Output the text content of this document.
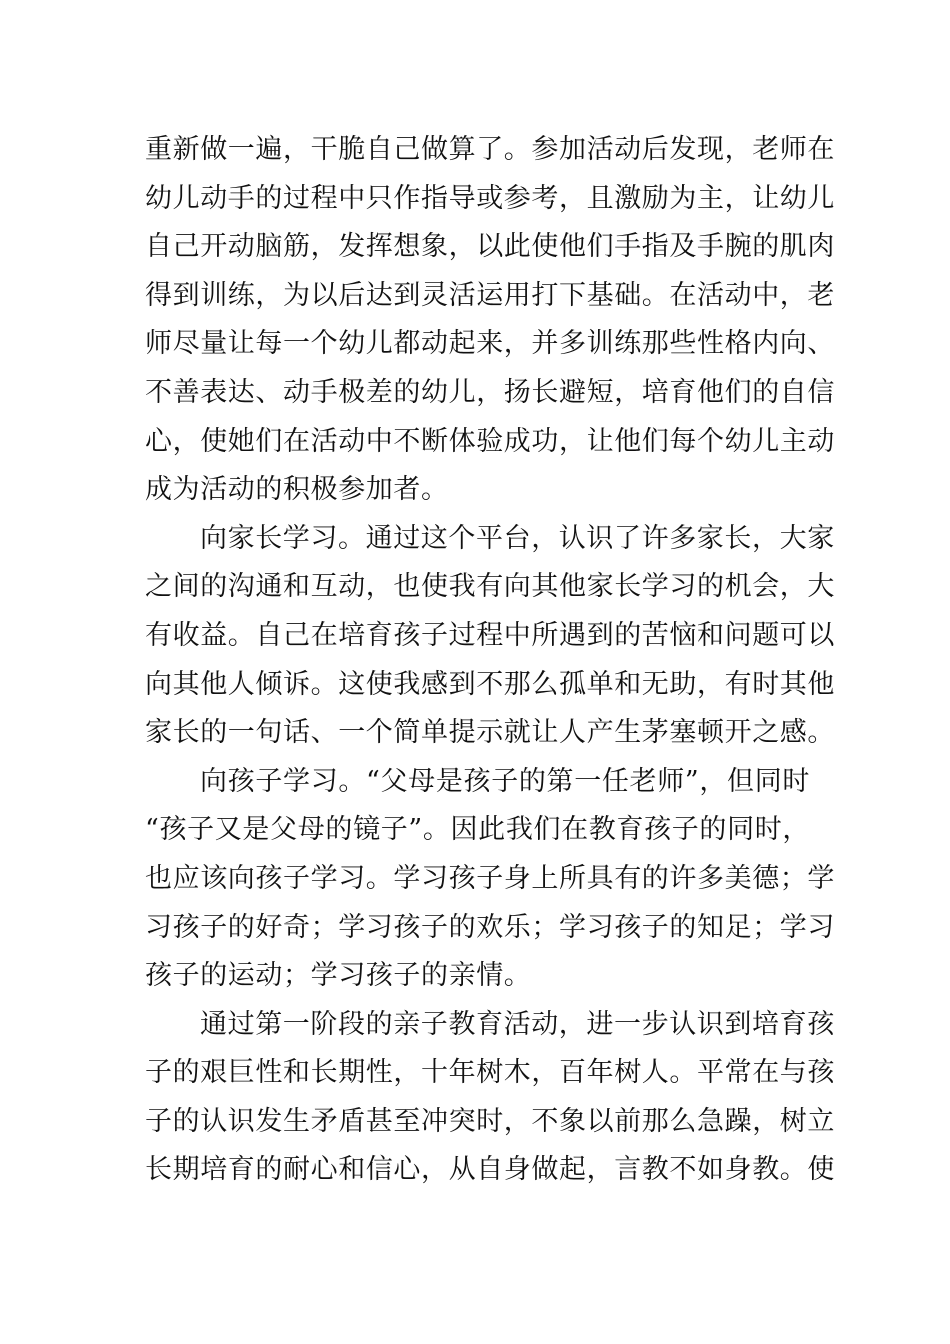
重新做一遍，干脆自己做算了。参加活动后发现，老师在
幼儿动手的过程中只作指导或参考，且激励为主，让幼儿
自己开动脑筋，发挥想象，以此使他们手指及手腕的肌肉
得到训练，为以后达到灵活运用打下基础。在活动中，老
师尽量让每一个幼儿都动起来，并多训练那些性格内向、
不善表达、动手极差的幼儿，扬长避短，培育他们的自信
心，使她们在活动中不断体验成功，让他们每个幼儿主动
成为活动的积极参加者。
向家长学习。通过这个平台，认识了许多家长，大家
之间的沟通和互动，也使我有向其他家长学习的机会，大
有收益。自己在培育孩子过程中所遇到的苦恼和问题可以
向其他人倾诉。这使我感到不那么孤单和无助，有时其他
家长的一句话、一个简单提示就让人产生茅塞顿开之感。
向孩子学习。“父母是孩子的第一任老师”，但同时
“孩子又是父母的镜子”。因此我们在教育孩子的同时，
也应该向孩子学习。学习孩子身上所具有的许多美德；学
习孩子的好奇；学习孩子的欢乐；学习孩子的知足；学习
孩子的运动；学习孩子的亲情。
通过第一阶段的亲子教育活动，进一步认识到培育孩
子的艰巨性和长期性，十年树木，百年树人。平常在与孩
子的认识发生矛盾甚至冲突时，不象以前那么急躁，树立
长期培育的耐心和信心，从自身做起，言教不如身教。使
